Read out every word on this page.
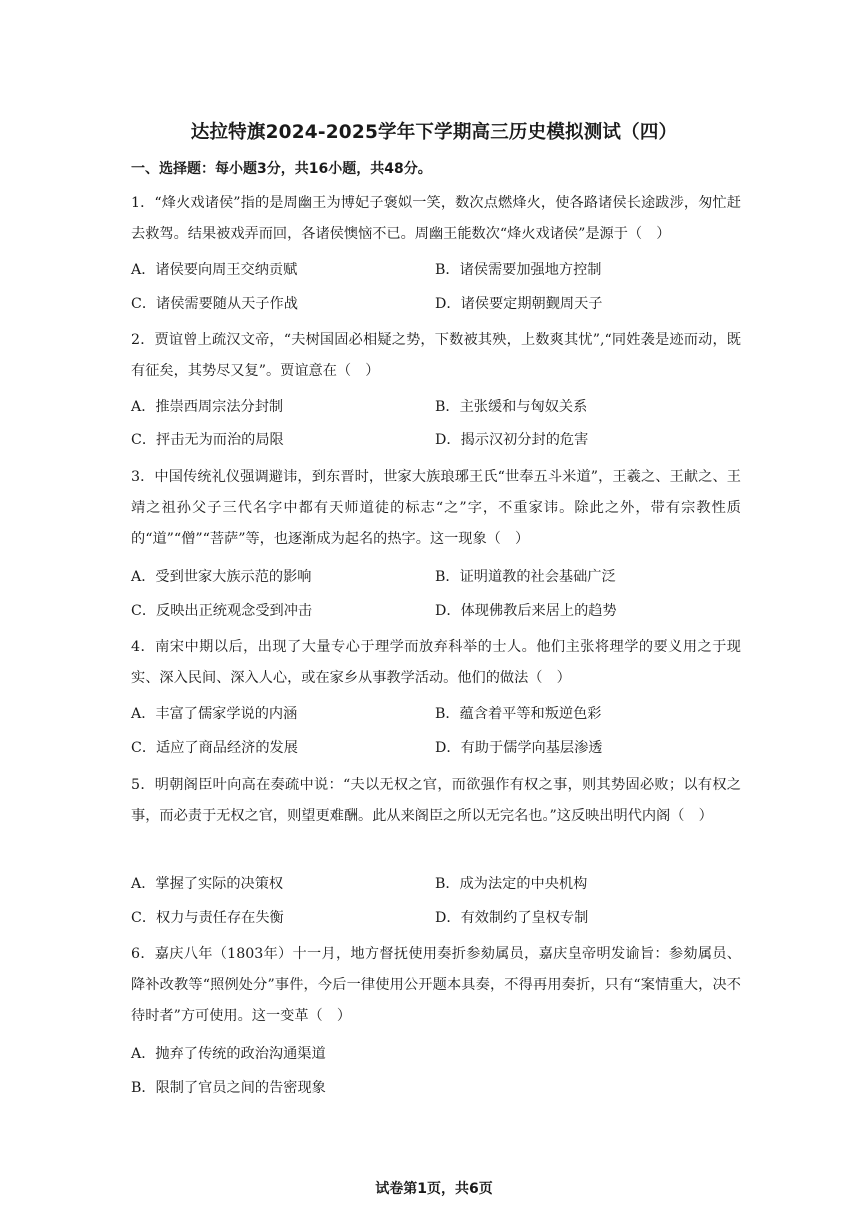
达拉特旗2024-2025学年下学期高三历史模拟测试（四）
一、选择题：每小题3分，共16小题，共48分。
1．“烽火戏诸侯”指的是周幽王为博妃子褒姒一笑，数次点燃烽火，使各路诸侯长途跋涉，匆忙赶去救驾。结果被戏弄而回，各诸侯懊恼不已。周幽王能数次“烽火戏诸侯”是源于（　）
A．诸侯要向周王交纳贡赋	B．诸侯需要加强地方控制
C．诸侯需要随从天子作战	D．诸侯要定期朝觐周天子
2．贾谊曾上疏汉文帝，“夫树国固必相疑之势，下数被其殃，上数爽其忧”,“同姓袭是迹而动，既有征矣，其势尽又复”。贾谊意在（　）
A．推崇西周宗法分封制	B．主张缓和与匈奴关系
C．抨击无为而治的局限	D．揭示汉初分封的危害
3．中国传统礼仪强调避讳，到东晋时，世家大族琅琊王氏“世奉五斗米道”，王羲之、王献之、王靖之祖孙父子三代名字中都有天师道徒的标志“之”字，不重家讳。除此之外，带有宗教性质的“道”“僧”“菩萨”等，也逐渐成为起名的热字。这一现象（　）
A．受到世家大族示范的影响	B．证明道教的社会基础广泛
C．反映出正统观念受到冲击	D．体现佛教后来居上的趋势
4．南宋中期以后，出现了大量专心于理学而放弃科举的士人。他们主张将理学的要义用之于现实、深入民间、深入人心，或在家乡从事教学活动。他们的做法（　）
A．丰富了儒家学说的内涵	B．蕴含着平等和叛逆色彩
C．适应了商品经济的发展	D．有助于儒学向基层渗透
5．明朝阁臣叶向高在奏疏中说：“夫以无权之官，而欲强作有权之事，则其势固必败；以有权之事，而必责于无权之官，则望更难酬。此从来阁臣之所以无完名也。”这反映出明代内阁（　）
A．掌握了实际的决策权	B．成为法定的中央机构
C．权力与责任存在失衡	D．有效制约了皇权专制
6．嘉庆八年（1803年）十一月，地方督抚使用奏折参劾属员，嘉庆皇帝明发谕旨：参劾属员、降补改教等“照例处分”事件，今后一律使用公开题本具奏，不得再用奏折，只有“案情重大，决不待时者”方可使用。这一变革（　）
A．抛弃了传统的政治沟通渠道
B．限制了官员之间的告密现象
试卷第1页，共6页
